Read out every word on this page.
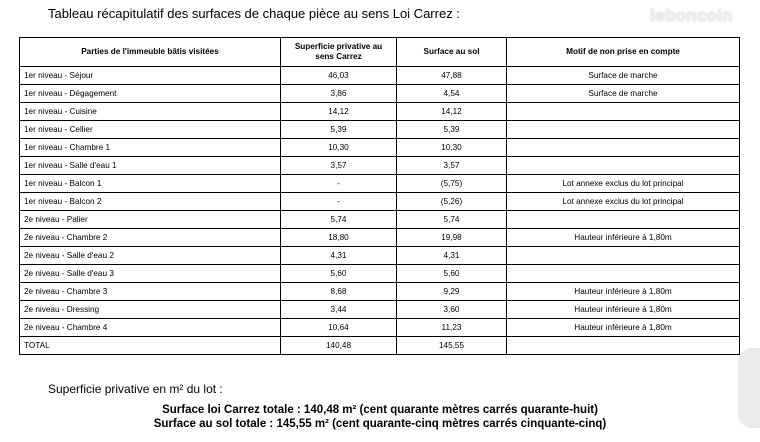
Tableau récapitulatif des surfaces de chaque pièce au sens Loi Carrez :	leboncoin
Parties de l'immeuble bâtis visitées	Superficie privative au sens Carrez	Surface au sol	Motif de non prise en compte
1er niveau - Séjour	46,03	47,88	Surface de marche
1er niveau - Dégagement	3,86	4,54	Surface de marche
1er niveau - Cuisine	14,12	14,12	
1er niveau - Cellier	5,39	5,39	
1er niveau - Chambre 1	10,30	10,30	
1er niveau - Salle d'eau 1	3,57	3,57	
1er niveau - Balcon 1	-	(5,75)	Lot annexe exclus du lot principal
1er niveau - Balcon 2	-	(5,26)	Lot annexe exclus du lot principal
2e niveau - Palier	5,74	5,74	
2e niveau - Chambre 2	18,80	19,98	Hauteur inférieure à 1,80m
2e niveau - Salle d'eau 2	4,31	4,31	
2e niveau - Salle d'eau 3	5,60	5,60	
2e niveau - Chambre 3	8,68	9,29	Hauteur inférieure à 1,80m
2e niveau - Dressing	3,44	3,60	Hauteur inférieure à 1,80m
2e niveau - Chambre 4	10,64	11,23	Hauteur inférieure à 1,80m
TOTAL	140,48	145,55	
Superficie privative en m² du lot :
Surface loi Carrez totale : 140,48 m² (cent quarante mètres carrés quarante-huit)
Surface au sol totale : 145,55 m² (cent quarante-cinq mètres carrés cinquante-cinq)
